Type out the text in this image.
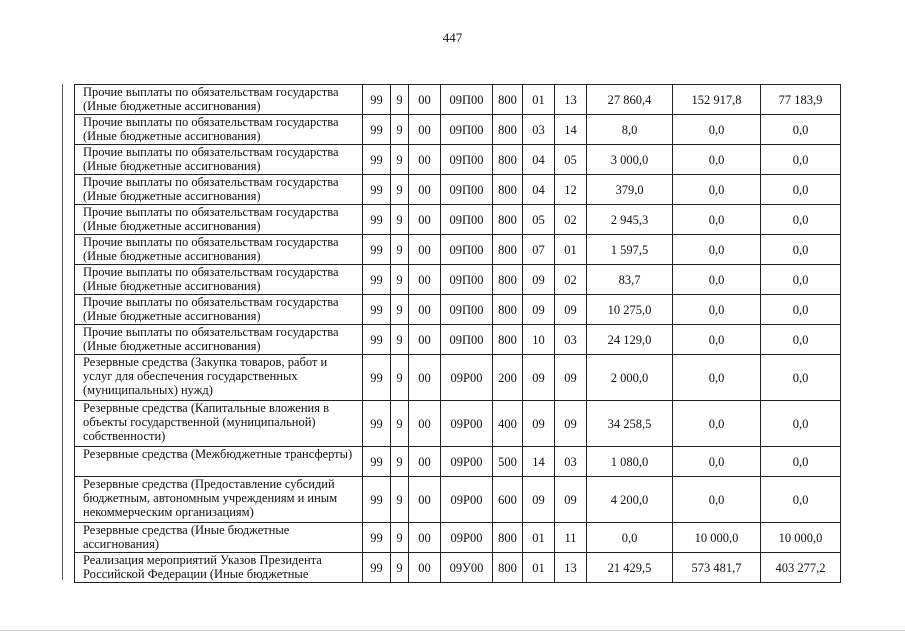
447
Прочие выплаты по обязательствам государства (Иные бюджетные ассигнования)	99	9	00	09П00	800	01	13	27 860,4	152 917,8	77 183,9
Прочие выплаты по обязательствам государства (Иные бюджетные ассигнования)	99	9	00	09П00	800	03	14	8,0	0,0	0,0
Прочие выплаты по обязательствам государства (Иные бюджетные ассигнования)	99	9	00	09П00	800	04	05	3 000,0	0,0	0,0
Прочие выплаты по обязательствам государства (Иные бюджетные ассигнования)	99	9	00	09П00	800	04	12	379,0	0,0	0,0
Прочие выплаты по обязательствам государства (Иные бюджетные ассигнования)	99	9	00	09П00	800	05	02	2 945,3	0,0	0,0
Прочие выплаты по обязательствам государства (Иные бюджетные ассигнования)	99	9	00	09П00	800	07	01	1 597,5	0,0	0,0
Прочие выплаты по обязательствам государства (Иные бюджетные ассигнования)	99	9	00	09П00	800	09	02	83,7	0,0	0,0
Прочие выплаты по обязательствам государства (Иные бюджетные ассигнования)	99	9	00	09П00	800	09	09	10 275,0	0,0	0,0
Прочие выплаты по обязательствам государства (Иные бюджетные ассигнования)	99	9	00	09П00	800	10	03	24 129,0	0,0	0,0
Резервные средства (Закупка товаров, работ и услуг для обеспечения государственных (муниципальных) нужд)	99	9	00	09Р00	200	09	09	2 000,0	0,0	0,0
Резервные средства (Капитальные вложения в объекты государственной (муниципальной) собственности)	99	9	00	09Р00	400	09	09	34 258,5	0,0	0,0
Резервные средства (Межбюджетные трансферты)	99	9	00	09Р00	500	14	03	1 080,0	0,0	0,0
Резервные средства (Предоставление субсидий бюджетным, автономным учреждениям и иным некоммерческим организациям)	99	9	00	09Р00	600	09	09	4 200,0	0,0	0,0
Резервные средства (Иные бюджетные ассигнования)	99	9	00	09Р00	800	01	11	0,0	10 000,0	10 000,0
Реализация мероприятий Указов Президента Российской Федерации (Иные бюджетные	99	9	00	09У00	800	01	13	21 429,5	573 481,7	403 277,2
